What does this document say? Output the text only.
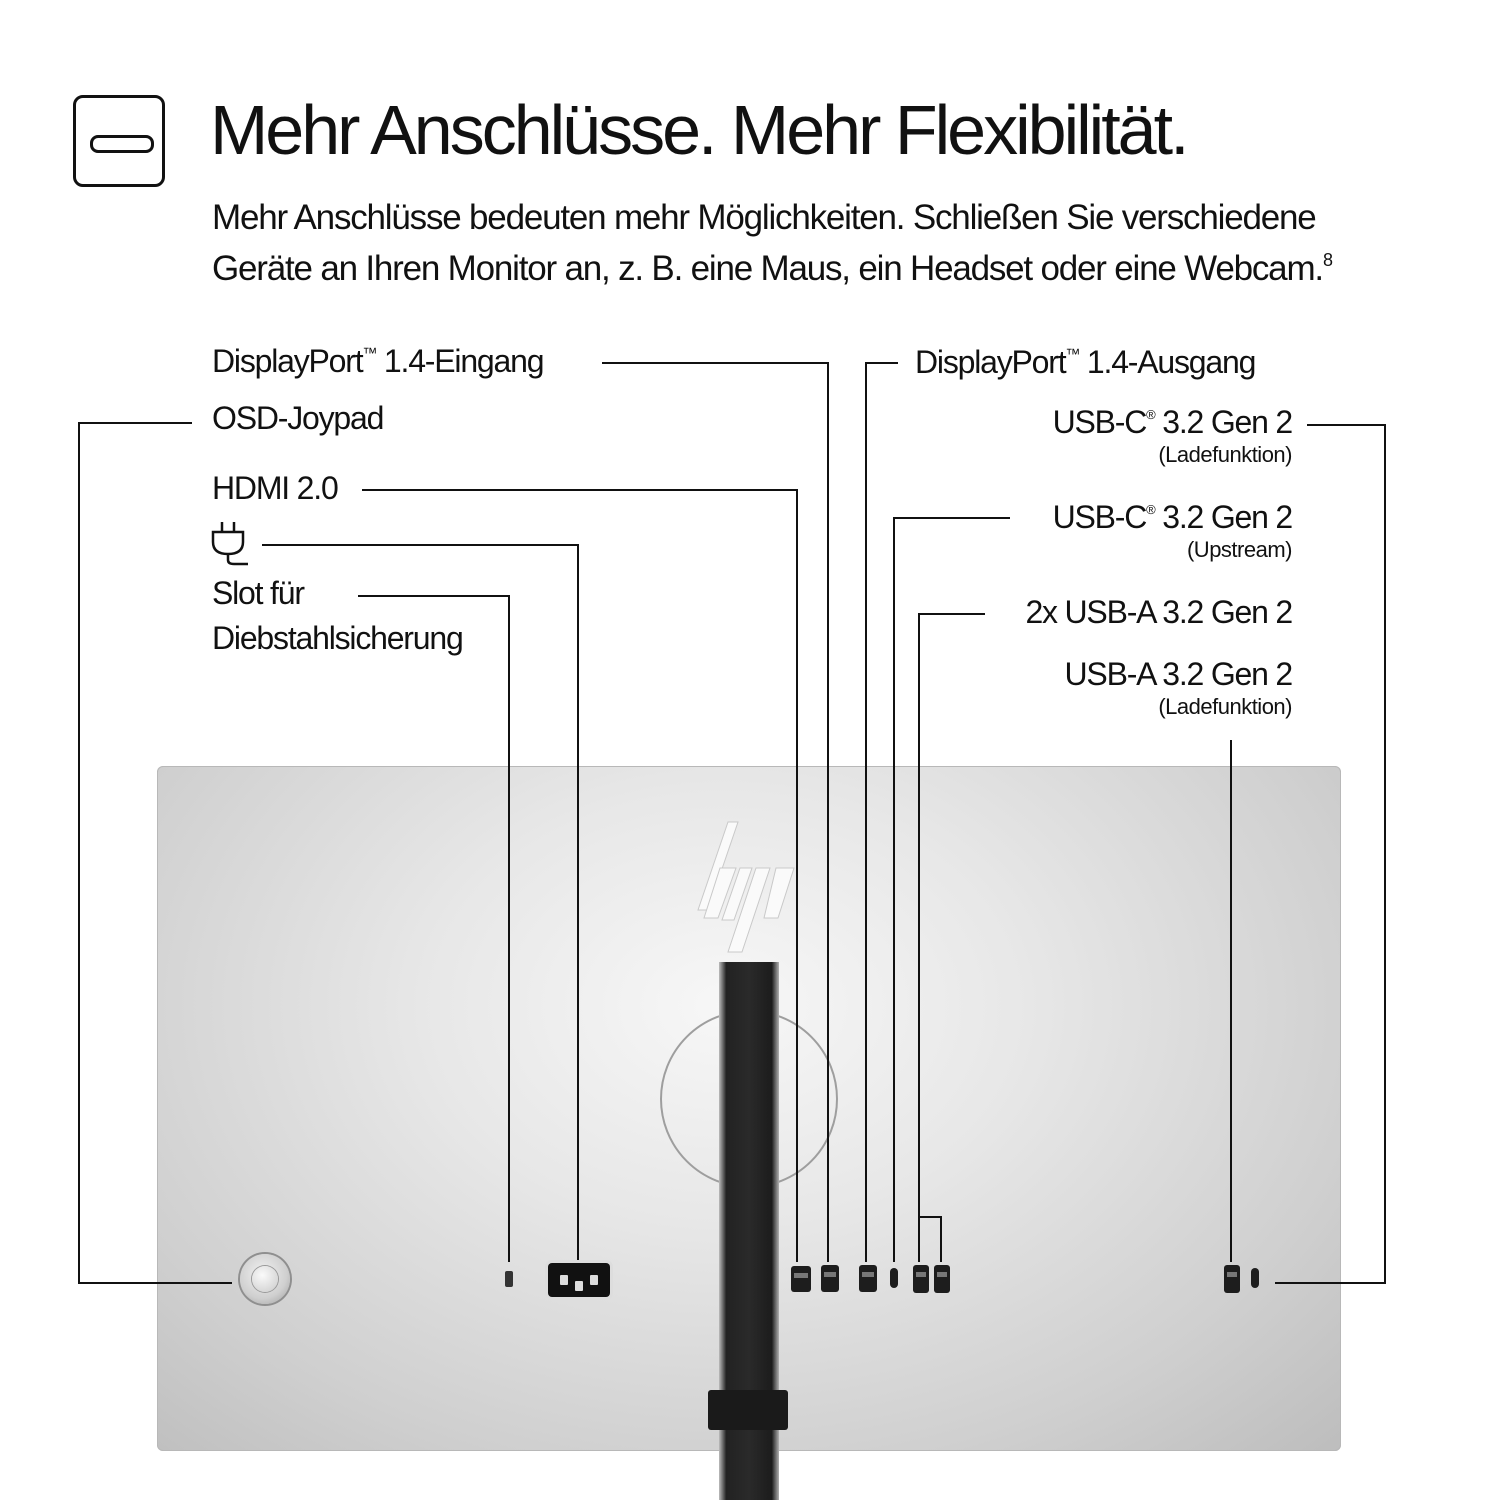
Mehr Anschlüsse. Mehr Flexibilität.
Mehr Anschlüsse bedeuten mehr Möglichkeiten. Schließen Sie verschiedene Geräte an Ihren Monitor an, z. B. eine Maus, ein Headset oder eine Webcam.$^8$
DisplayPort™ 1.4-Eingang
OSD-Joypad
HDMI 2.0
Slot für
Diebstahlsicherung
DisplayPort™ 1.4-Ausgang
USB-C® 3.2 Gen 2
(Ladefunktion)
USB-C® 3.2 Gen 2
(Upstream)
2x USB-A 3.2 Gen 2
USB-A 3.2 Gen 2
(Ladefunktion)
